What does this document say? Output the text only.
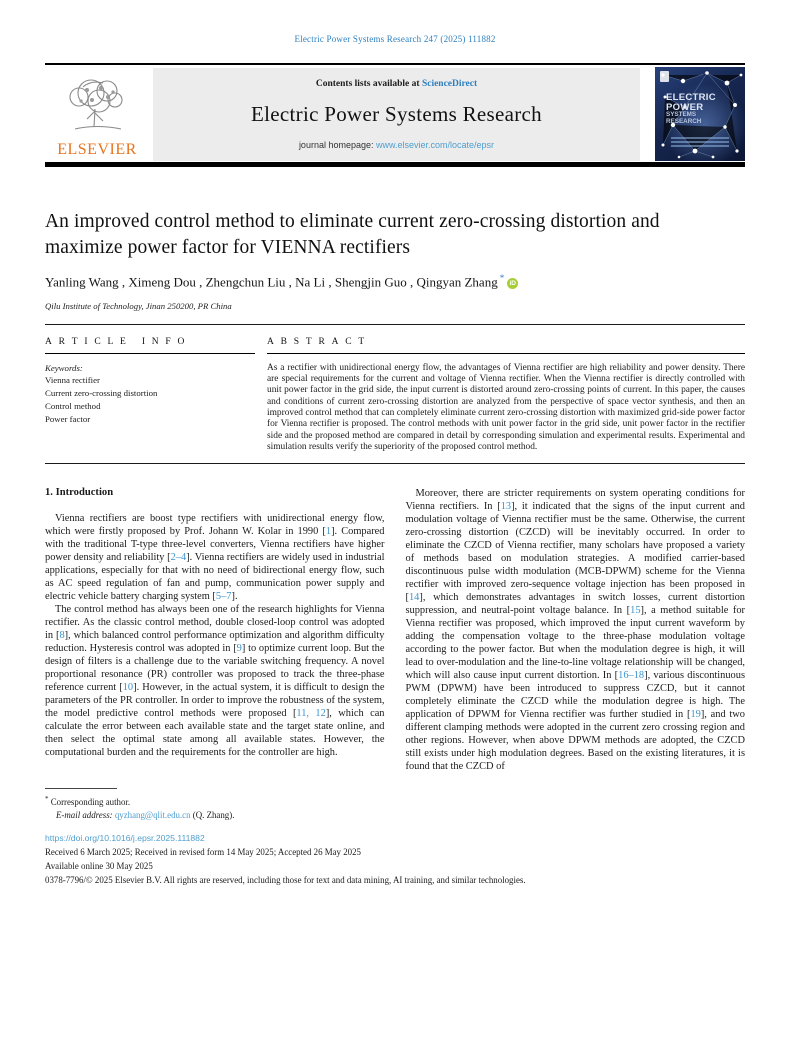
Electric Power Systems Research 247 (2025) 111882
ELSEVIER
Contents lists available at ScienceDirect
Electric Power Systems Research
journal homepage: www.elsevier.com/locate/epsr
ELECTRIC
POWER
SYSTEMS
RESEARCH
An improved control method to eliminate current zero-crossing distortion and maximize power factor for VIENNA rectifiers
Yanling Wang , Ximeng Dou , Zhengchun Liu , Na Li , Shengjin Guo , Qingyan Zhang * iD
Qilu Institute of Technology, Jinan 250200, PR China
A R T I C L E   I N F O
Keywords:
Vienna rectifier
Current zero-crossing distortion
Control method
Power factor
A B S T R A C T
As a rectifier with unidirectional energy flow, the advantages of Vienna rectifier are high reliability and power density. There are special requirements for the current and voltage of Vienna rectifier. When the Vienna rectifier is directly controlled with unit power factor in the grid side, the input current is distorted around zero-crossing points of current. In this paper, the causes and conditions of current zero-crossing distortion are analyzed from the perspective of space vector synthesis, and then an improved control method that can completely eliminate current zero-crossing distortion with maximized grid-side power factor for Vienna rectifier is proposed. The control methods with unit power factor in the grid side, unit power factor in the rectifier side and the proposed method are compared in detail by corresponding simulation and experimental results. Experimental and simulation results verify the superiority of the proposed control method.
1. Introduction

Vienna rectifiers are boost type rectifiers with unidirectional energy flow, which were firstly proposed by Prof. Johann W. Kolar in 1990 [1]. Compared with the traditional T-type three-level converters, Vienna rectifiers have higher power density and reliability [2–4]. Vienna rectifiers are widely used in industrial applications, especially for that with no need of bidirectional energy flow, such as AC speed regulation of fan and pump, communication power supply and electric vehicle battery charging system [5–7].

The control method has always been one of the research highlights for Vienna rectifier. As the classic control method, double closed-loop control was adopted in [8], which balanced control performance optimization and algorithm difficulty reduction. Hysteresis control was adopted in [9] to optimize current loop. But the design of filters is a challenge due to the variable switching frequency. A novel proportional resonance (PR) controller was proposed to track the three-phase reference current [10]. However, in the actual system, it is difficult to design the parameters of the PR controller. In order to improve the robustness of the system, the model predictive control methods were proposed [11, 12], which can calculate the error between each available state and the target state online, and then select the optimal state among all available states. However, the computational burden and the requirements for the controller are high.

Moreover, there are stricter requirements on system operating conditions for Vienna rectifiers. In [13], it indicated that the signs of the input current and modulation voltage of Vienna rectifier must be the same. Otherwise, the current zero-crossing distortion (CZCD) will be inevitably occurred. In order to eliminate the CZCD of Vienna rectifier, many scholars have proposed a variety of methods based on modulation strategies. A modified carrier-based discontinuous pulse width modulation (MCB-DPWM) scheme for the Vienna rectifier with improved zero-sequence voltage injection has been proposed in [14], which demonstrates advantages in switch losses, current distortion suppression, and neutral-point voltage balance. In [15], a method suitable for Vienna rectifier was proposed, which improved the input current waveform by adding the compensation voltage to the three-phase modulation voltage according to the power factor. But when the modulation degree is high, it will lead to over-modulation and the line-to-line voltage relationship will be changed, which will also cause input current distortion. In [16–18], various discontinuous PWM (DPWM) have been introduced to suppress CZCD, but it cannot completely eliminate the CZCD while the modulation degree is high. The application of DPWM for Vienna rectifier was further studied in [19], and two different clamping methods were adopted in the current zero crossing region and other regions. However, when above DPWM methods are adopted, the CZCD still exists under high modulation degrees. Based on the existing literatures, it is found that the CZCD of

* Corresponding author.
E-mail address: qyzhang@qlit.edu.cn (Q. Zhang).
https://doi.org/10.1016/j.epsr.2025.111882
Received 6 March 2025; Received in revised form 14 May 2025; Accepted 26 May 2025
Available online 30 May 2025
0378-7796/© 2025 Elsevier B.V. All rights are reserved, including those for text and data mining, AI training, and similar technologies.
